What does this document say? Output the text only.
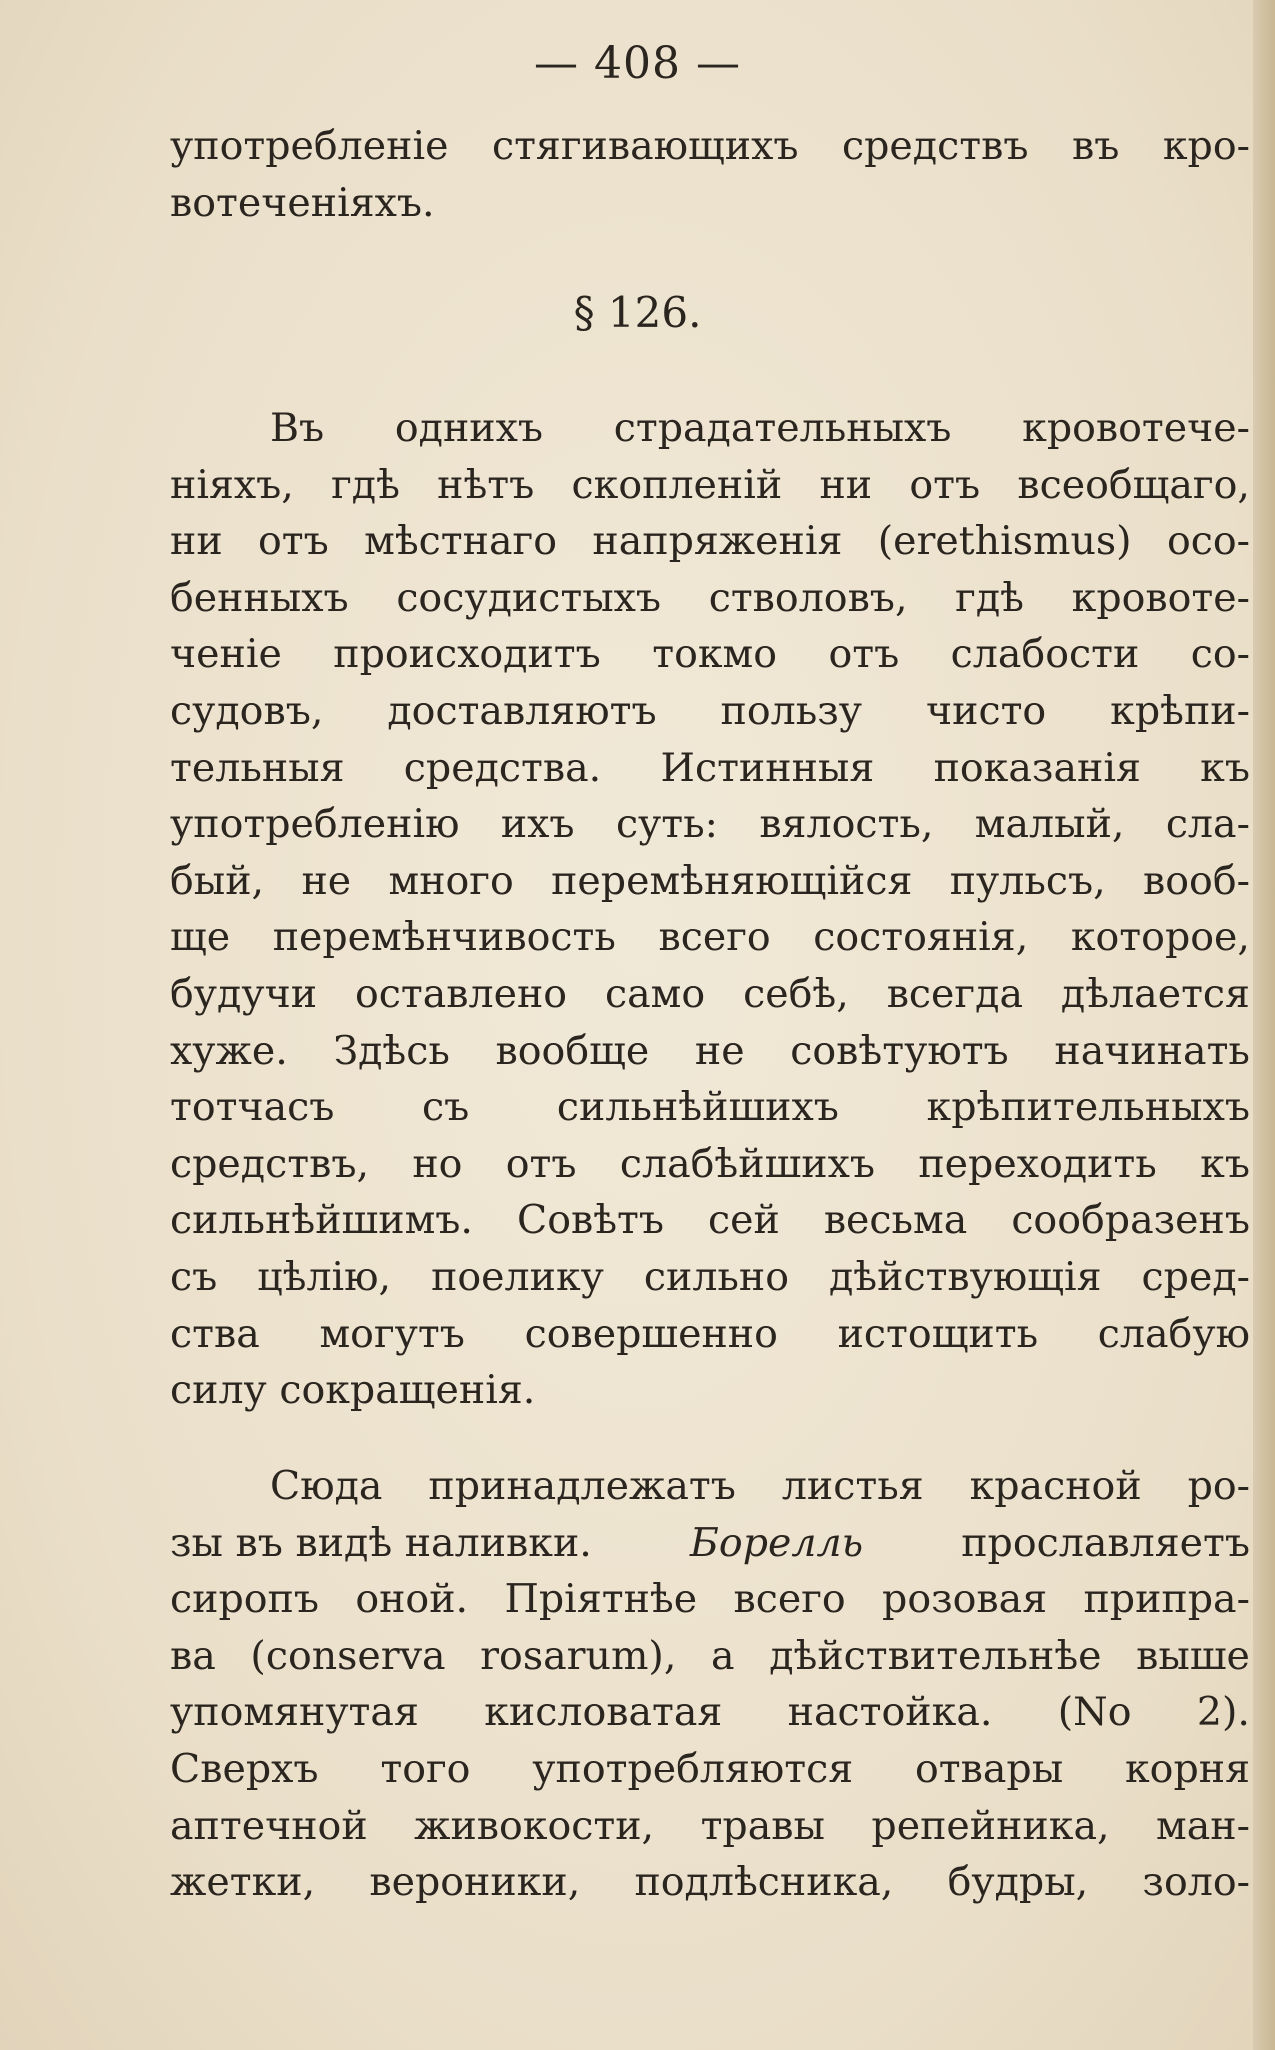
— 408 —
употребленіе стягивающихъ средствъ въ кро-
вотеченіяхъ.
§ 126.
Въ однихъ страдательныхъ кровотече-
ніяхъ, гдѣ нѣтъ скопленій ни отъ всеобщаго,
ни отъ мѣстнаго напряженія (erethismus) осо-
бенныхъ сосудистыхъ стволовъ, гдѣ кровоте-
ченіе происходитъ токмо отъ слабости со-
судовъ, доставляютъ пользу чисто крѣпи-
тельныя средства. Истинныя показанія къ
употребленію ихъ суть: вялость, малый, сла-
бый, не много перемѣняющійся пульсъ, вооб-
ще перемѣнчивость всего состоянія, которое,
будучи оставлено само себѣ, всегда дѣлается
хуже. Здѣсь вообще не совѣтуютъ начинать
тотчасъ съ сильнѣйшихъ крѣпительныхъ
средствъ, но отъ слабѣйшихъ переходить къ
сильнѣйшимъ. Совѣтъ сей весьма сообразенъ
съ цѣлію, поелику сильно дѣйствующія сред-
ства могутъ совершенно истощить слабую
силу сокращенія.
Сюда принадлежатъ листья красной ро-
зы въ видѣ наливки. Борелль прославляетъ
сиропъ оной. Пріятнѣе всего розовая припра-
ва (conserva rosarum), а дѣйствительнѣе выше
упомянутая кисловатая настойка. (No 2).
Сверхъ того употребляются отвары корня
аптечной живокости, травы репейника, ман-
жетки, вероники, подлѣсника, будры, золо-
